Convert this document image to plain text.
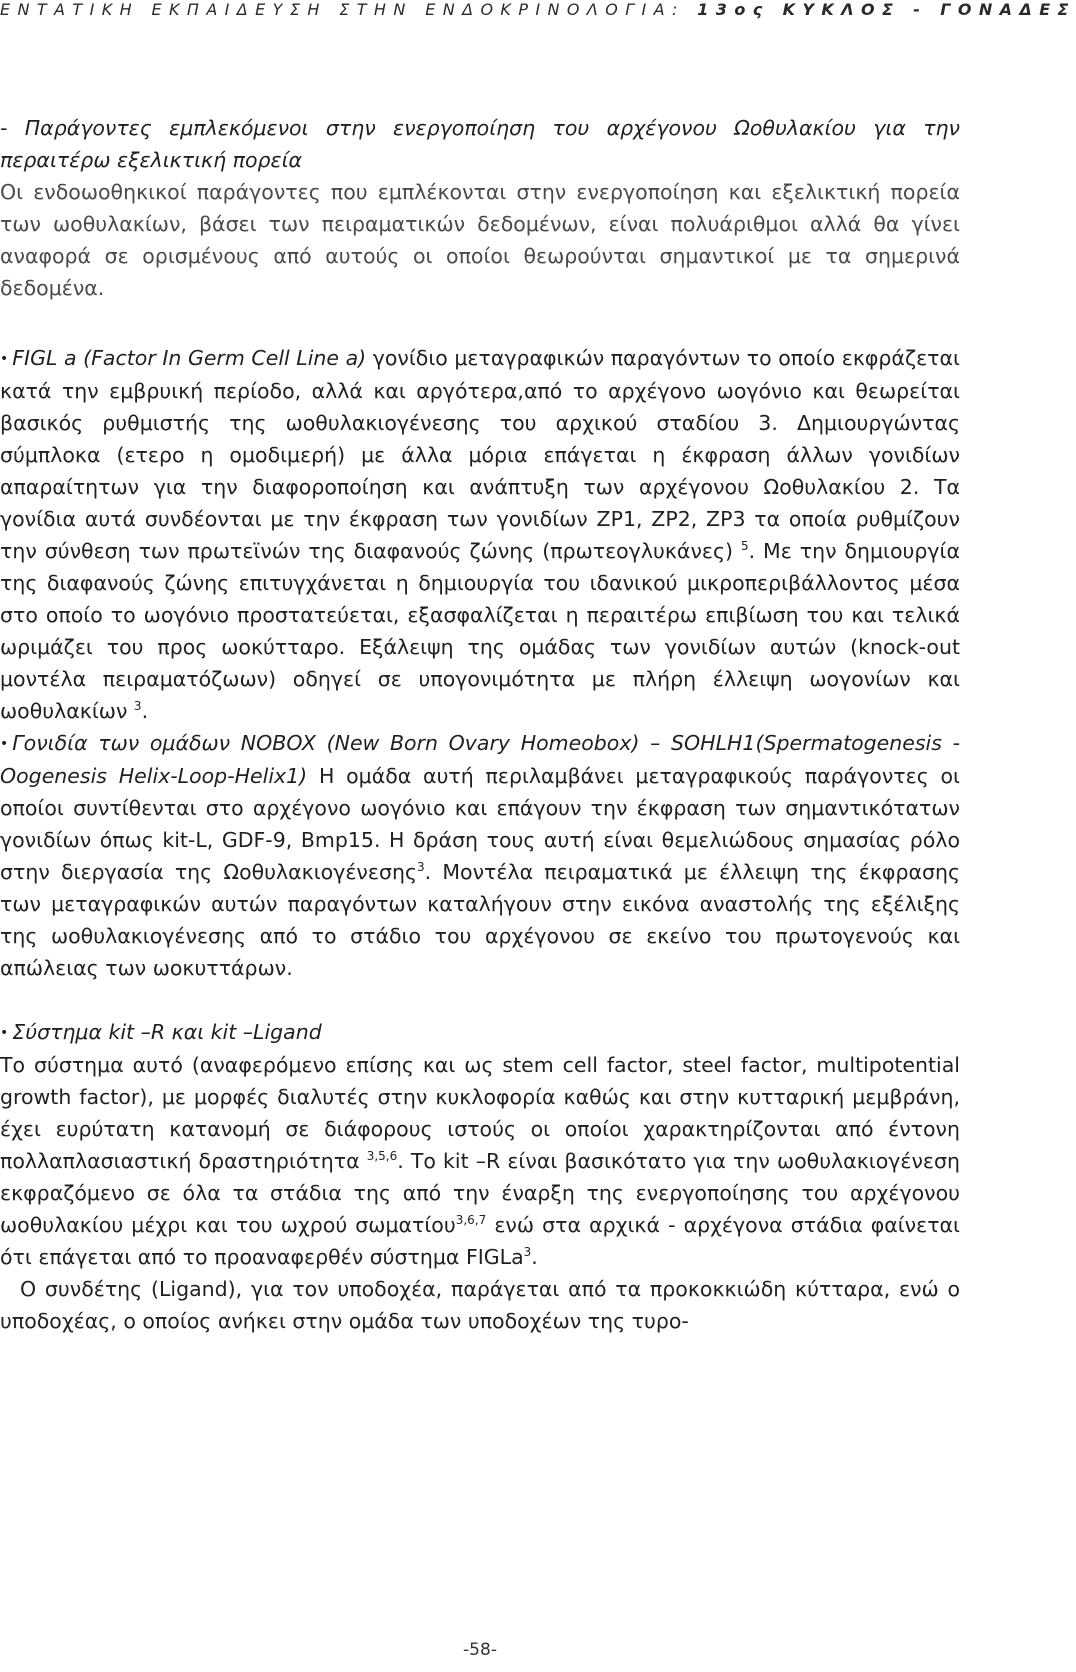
ΕΝΤΑΤΙΚΗ ΕΚΠΑΙΔΕΥΣΗ ΣΤΗΝ ΕΝΔΟΚΡΙΝΟΛΟΓΙΑ: 13ος ΚΥΚΛΟΣ - ΓΟΝΑΔΕΣ

- Παράγοντες εμπλεκόμενοι στην ενεργοποίηση του αρχέγονου Ωοθυλακίου για την περαιτέρω εξελικτική πορεία

Οι ενδοωοθηκικοί παράγοντες που εμπλέκονται στην ενεργοποίηση και εξελικτική πορεία των ωοθυλακίων, βάσει των πειραματικών δεδομένων, είναι πολυάριθμοι αλλά θα γίνει αναφορά σε ορισμένους από αυτούς οι οποίοι θεωρούνται σημαντικοί με τα σημερινά δεδομένα.

• FIGL a (Factor In Germ Cell Line a) γονίδιο μεταγραφικών παραγόντων το οποίο εκφράζεται κατά την εμβρυική περίοδο, αλλά και αργότερα,από το αρχέγονο ωογόνιο και θεωρείται βασικός ρυθμιστής της ωοθυλακιογένεσης του αρχικού σταδίου 3. Δημιουργώντας σύμπλοκα (ετερο η ομοδιμερή) με άλλα μόρια επάγεται η έκφραση άλλων γονιδίων απαραίτητων για την διαφοροποίηση και ανάπτυξη των αρχέγονου Ωοθυλακίου 2. Τα γονίδια αυτά συνδέονται με την έκφραση των γονιδίων ZP1, ZP2, ZP3 τα οποία ρυθμίζουν την σύνθεση των πρωτεϊνών της διαφανούς ζώνης (πρωτεογλυκάνες) $^5$. Με την δημιουργία της διαφανούς ζώνης επιτυγχάνεται η δημιουργία του ιδανικού μικροπεριβάλλοντος μέσα στο οποίο το ωογόνιο προστατεύεται, εξασφαλίζεται η περαιτέρω επιβίωση του και τελικά ωριμάζει του προς ωοκύτταρο. Εξάλειψη της ομάδας των γονιδίων αυτών (knock-out μοντέλα πειραματόζωων) οδηγεί σε υπογονιμότητα με πλήρη έλλειψη ωογονίων και ωοθυλακίων $^3$.

• Γονιδία των ομάδων NOBOX (New Born Ovary Homeobox) – SOHLH1(Spermatogenesis - Oogenesis Helix-Loop-Helix1) Η ομάδα αυτή περιλαμβάνει μεταγραφικούς παράγοντες οι οποίοι συντίθενται στο αρχέγονο ωογόνιο και επάγουν την έκφραση των σημαντικότατων γονιδίων όπως kit-L, GDF-9, Bmp15. Η δράση τους αυτή είναι θεμελιώδους σημασίας ρόλο στην διεργασία της Ωοθυλακιογένεσης$^3$. Μοντέλα πειραματικά με έλλειψη της έκφρασης των μεταγραφικών αυτών παραγόντων καταλήγουν στην εικόνα αναστολής της εξέλιξης της ωοθυλακιογένεσης από το στάδιο του αρχέγονου σε εκείνο του πρωτογενούς και απώλειας των ωοκυττάρων.

• Σύστημα kit –R και kit –Ligand

Το σύστημα αυτό (αναφερόμενο επίσης και ως stem cell factor, steel factor, multipotential growth factor), με μορφές διαλυτές στην κυκλοφορία καθώς και στην κυτταρική μεμβράνη, έχει ευρύτατη κατανομή σε διάφορους ιστούς οι οποίοι χαρακτηρίζονται από έντονη πολλαπλασιαστική δραστηριότητα $^{3,5,6}$. Το kit –R είναι βασικότατο για την ωοθυλακιογένεση εκφραζόμενο σε όλα τα στάδια της από την έναρξη της ενεργοποίησης του αρχέγονου ωοθυλακίου μέχρι και του ωχρού σωματίου$^{3,6,7}$ ενώ στα αρχικά - αρχέγονα στάδια φαίνεται ότι επάγεται από το προαναφερθέν σύστημα FIGLa$^3$.

Ο συνδέτης (Ligand), για τον υποδοχέα, παράγεται από τα προκοκκιώδη κύτταρα, ενώ ο υποδοχέας, ο οποίος ανήκει στην ομάδα των υποδοχέων της τυρο-

-58-
